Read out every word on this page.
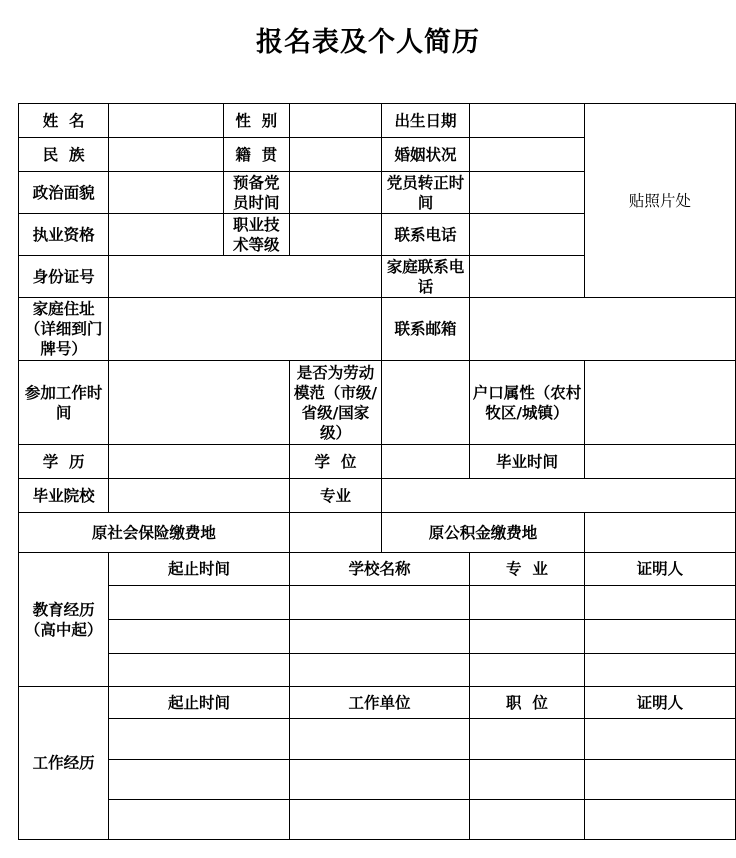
报名表及个人简历
姓  名		性  别		出生日期		贴照片处
民  族		籍  贯		婚姻状况		
政治面貌		预备党员时间		党员转正时间		
执业资格		职业技术等级		联系电话		
身份证号				家庭联系电话		
家庭住址（详细到门牌号）				联系邮箱		
参加工作时间			是否为劳动模范（市级/省级/国家级）		户口属性（农村牧区/城镇）	
学  历			学  位		毕业时间	
毕业院校			专业			
原社会保险缴费地				原公积金缴费地		
教育经历（高中起）	起止时间		学校名称		专  业	证明人

工作经历	起止时间		工作单位		职  位	证明人
